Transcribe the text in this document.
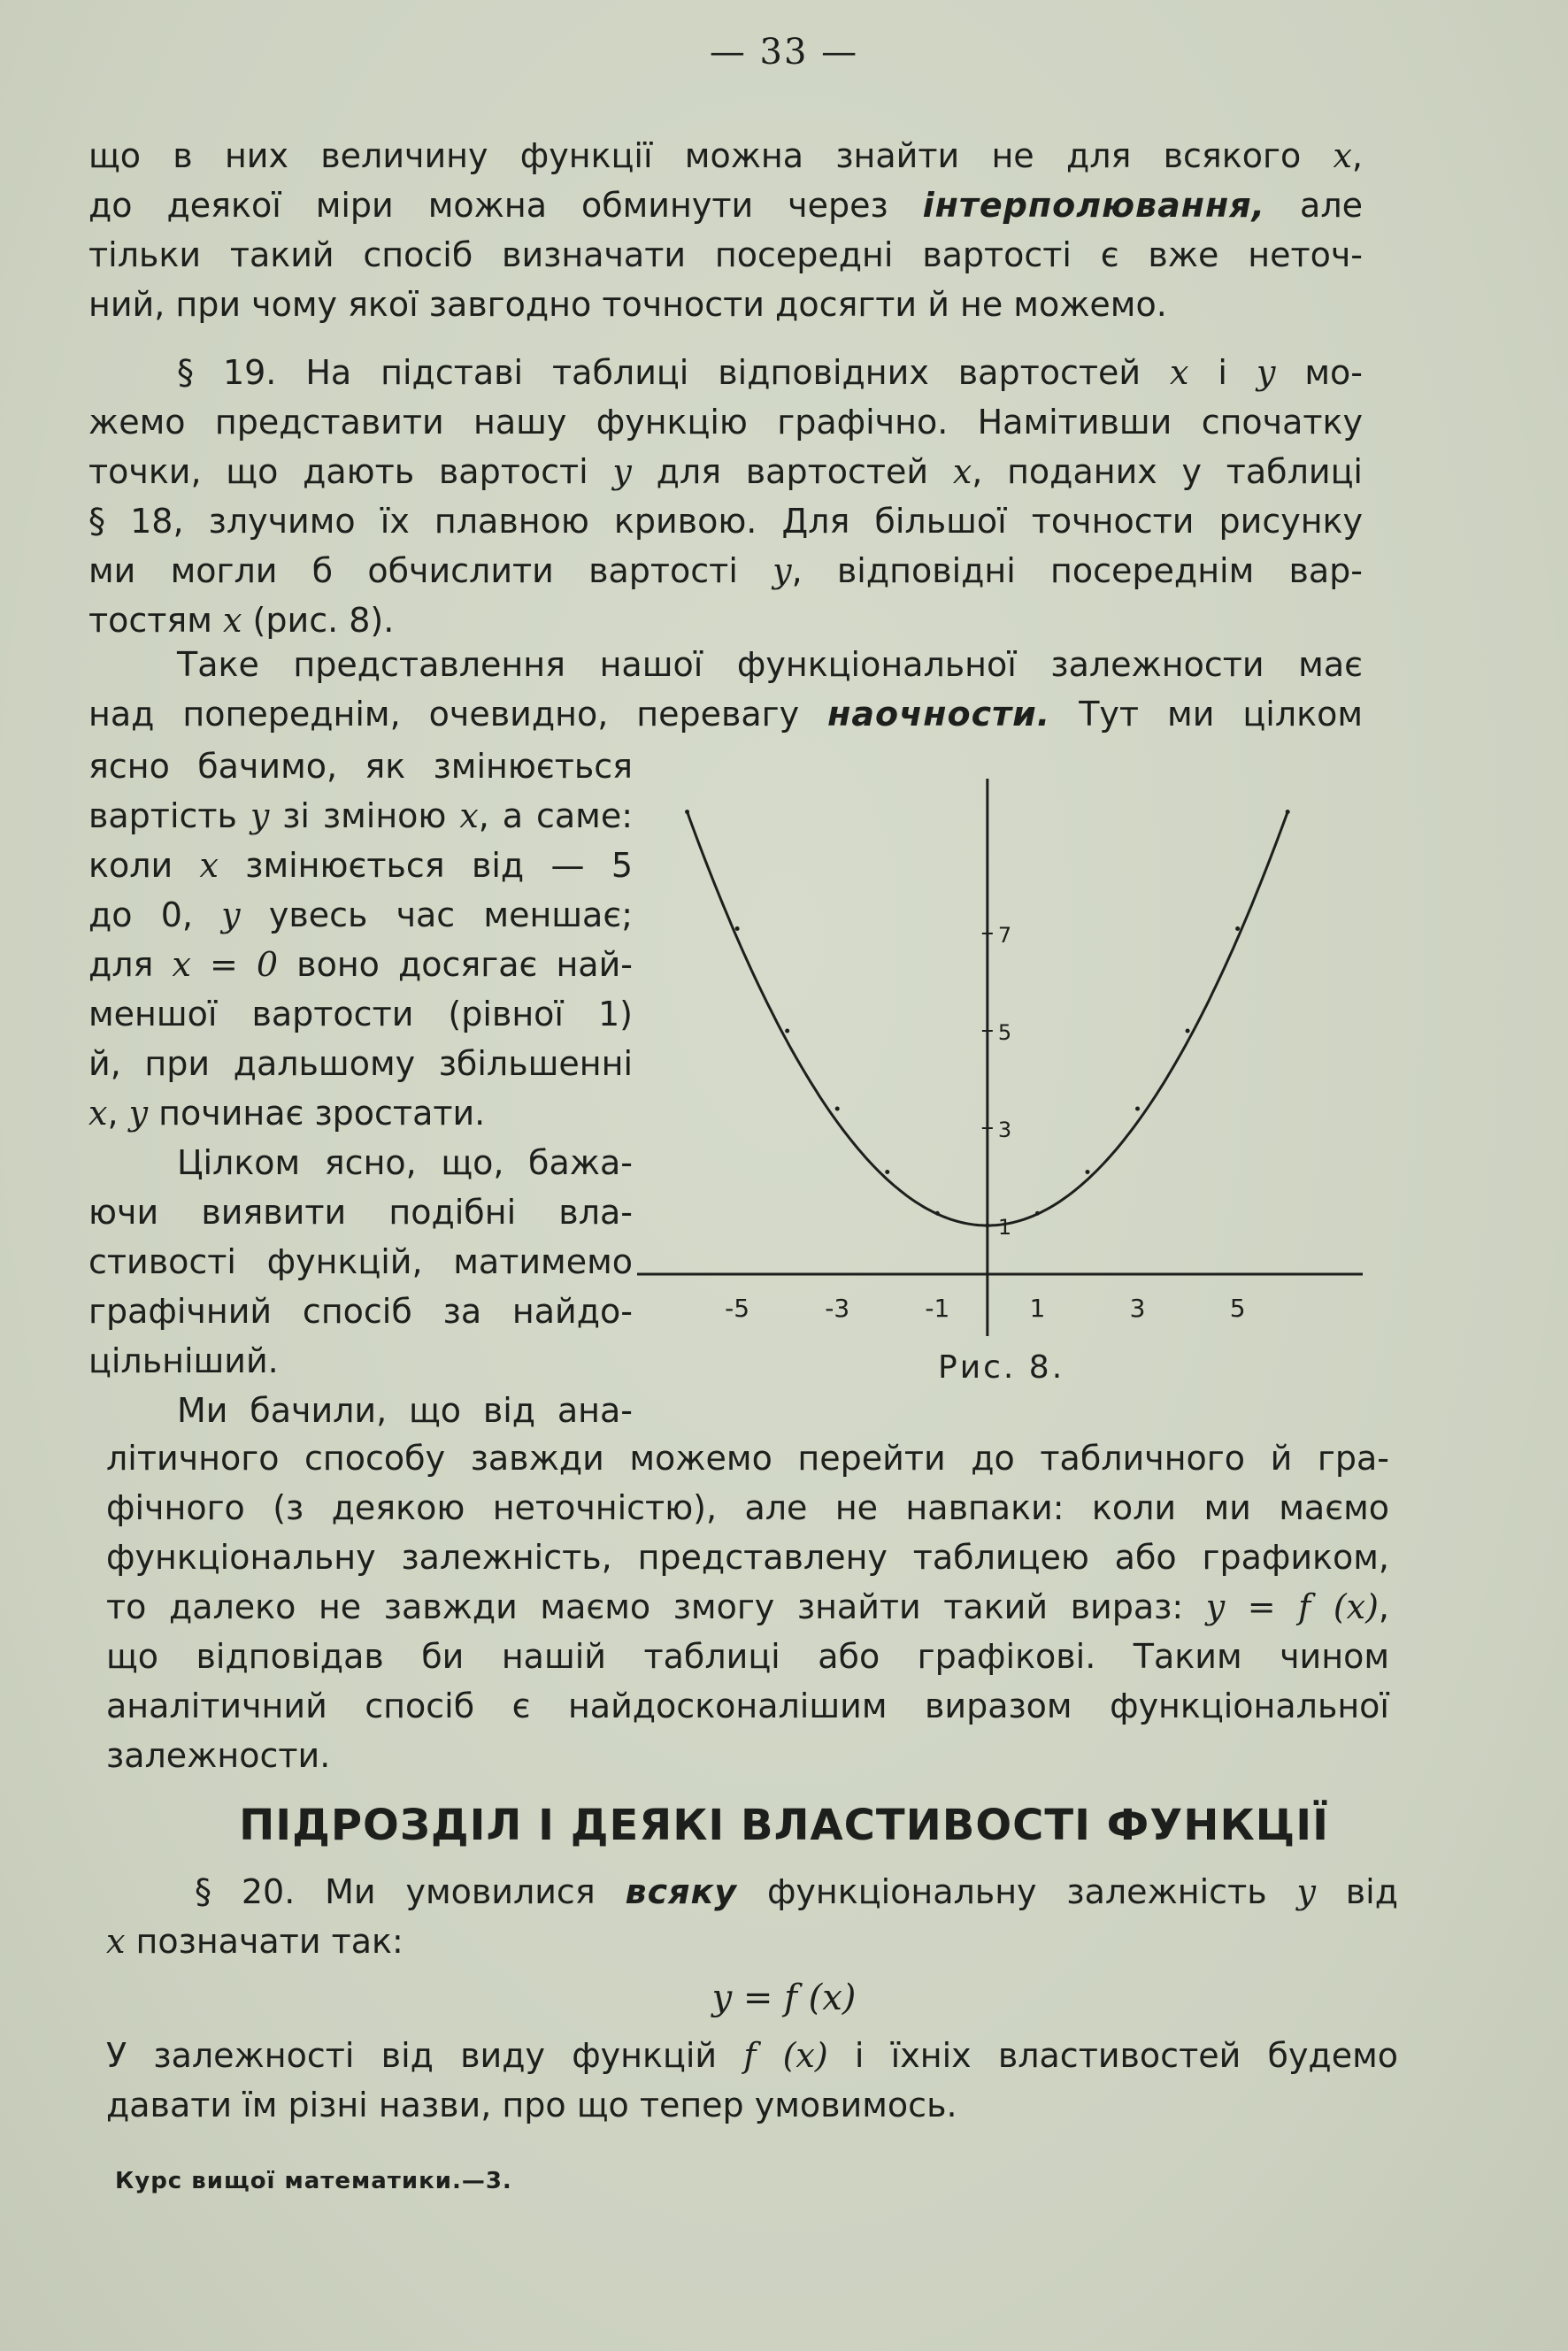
— 33 —
що в них величину функції можна знайти не для всякого x,
до деякої міри можна обминути через інтерполювання, але
тільки такий спосіб визначати посередні вартості є вже неточ-
ний, при чому якої завгодно точности досягти й не можемо.
§ 19. На підставі таблиці відповідних вартостей x і y мо-
жемо представити нашу функцію графічно. Намітивши спочатку
точки, що дають вартості y для вартостей x, поданих у таблиці
§ 18, злучимо їх плавною кривою. Для більшої точности рисунку
ми могли б обчислити вартості y, відповідні посереднім вар-
тостям x (рис. 8).
Таке представлення нашої функціональної залежности має
над попереднім, очевидно, перевагу наочности. Тут ми цілком
ясно бачимо, як змінюється
вартість y зі зміною x, а саме:
коли x змінюється від — 5
до 0, y увесь час меншає;
для x = 0 воно досягає най-
меншої вартости (рівної 1)
й, при дальшому збільшенні
x, y починає зростати.
Цілком ясно, що, бажа-
ючи виявити подібні вла-
стивості функцій, матимемо
графічний спосіб за найдо-
цільніший.
Ми бачили, що від ана-
-5	-3	-1	1	3	5
1
3
5
7
Рис. 8.
літичного способу завжди можемо перейти до табличного й гра-
фічного (з деякою неточністю), але не навпаки: коли ми маємо
функціональну залежність, представлену таблицею або графиком,
то далеко не завжди маємо змогу знайти такий вираз: y = f (x),
що відповідав би нашій таблиці або графікові. Таким чином
аналітичний спосіб є найдосконалішим виразом функціональної
залежности.
ПІДРОЗДІЛ І ДЕЯКІ ВЛАСТИВОСТІ ФУНКЦІЇ
§ 20. Ми умовилися всяку функціональну залежність y від
x позначати так:
y = f (x)
У залежності від виду функцій f (x) і їхніх властивостей будемо
давати їм різні назви, про що тепер умовимось.
Курс вищої математики.—3.
